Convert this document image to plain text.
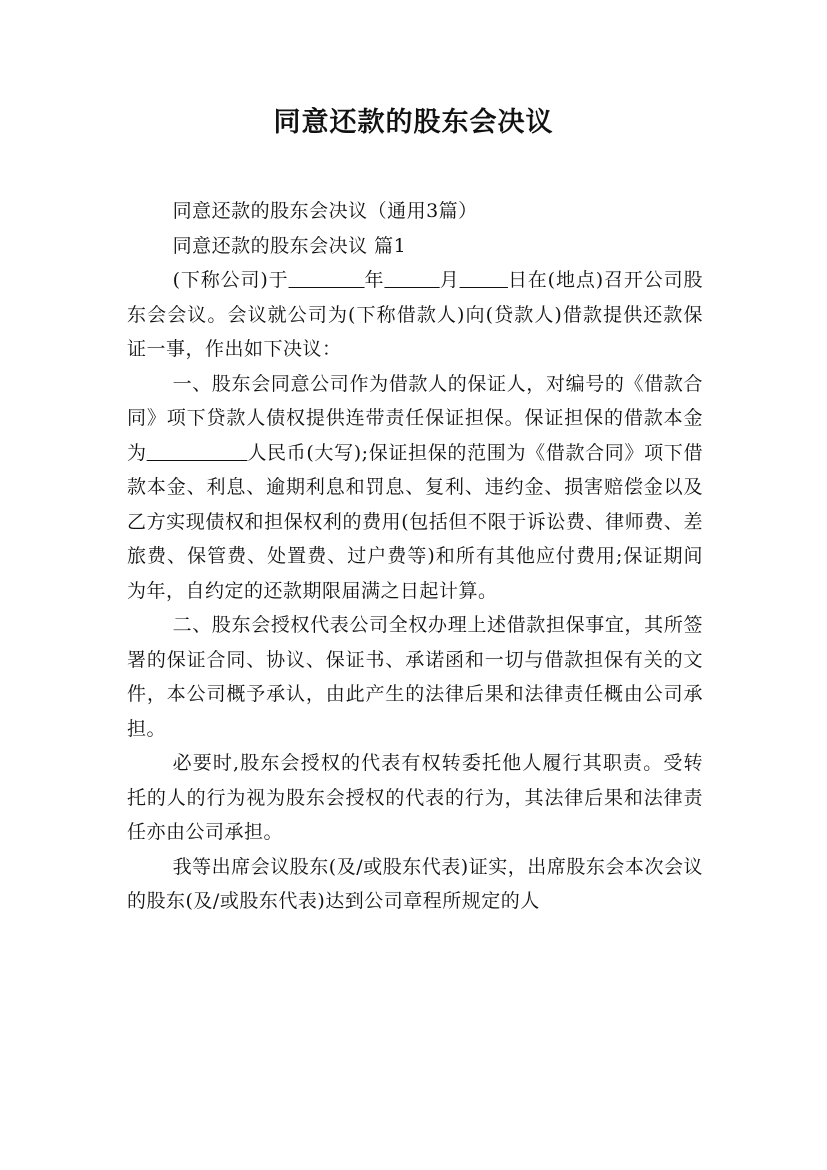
同意还款的股东会决议

同意还款的股东会决议（通用3篇）

同意还款的股东会决议 篇1

(下称公司)于	年	月	日在(地点)召开公司股东会会议。会议就公司为(下称借款人)向(贷款人)借款提供还款保证一事，作出如下决议：

一、股东会同意公司作为借款人的保证人，对编号的《借款合同》项下贷款人债权提供连带责任保证担保。保证担保的借款本金为	人民币(大写);保证担保的范围为《借款合同》项下借款本金、利息、逾期利息和罚息、复利、违约金、损害赔偿金以及乙方实现债权和担保权利的费用(包括但不限于诉讼费、律师费、差旅费、保管费、处置费、过户费等)和所有其他应付费用;保证期间为年，自约定的还款期限届满之日起计算。

二、股东会授权代表公司全权办理上述借款担保事宜，其所签署的保证合同、协议、保证书、承诺函和一切与借款担保有关的文件，本公司概予承认，由此产生的法律后果和法律责任概由公司承担。

必要时,股东会授权的代表有权转委托他人履行其职责。受转托的人的行为视为股东会授权的代表的行为，其法律后果和法律责任亦由公司承担。

我等出席会议股东(及/或股东代表)证实，出席股东会本次会议的股东(及/或股东代表)达到公司章程所规定的人
